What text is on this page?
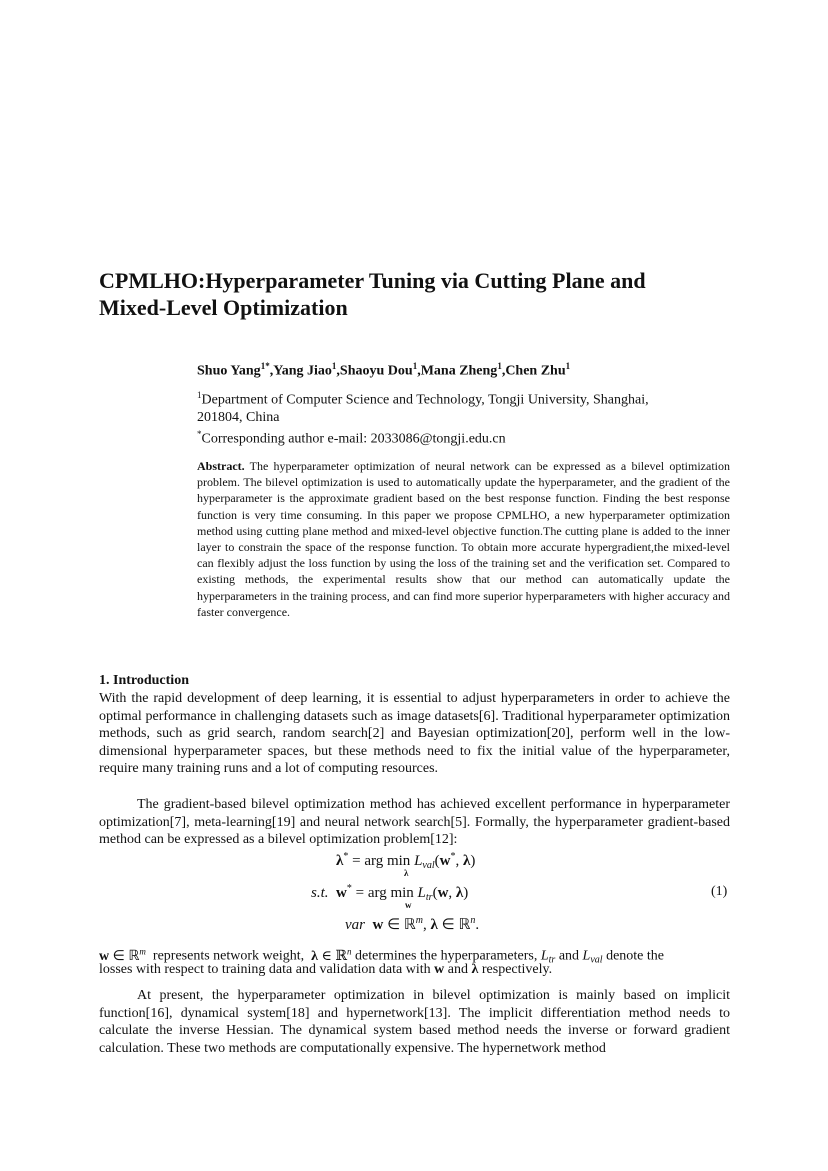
CPMLHO:Hyperparameter Tuning via Cutting Plane and
Mixed-Level Optimization
Shuo Yang$^{1*}$,Yang Jiao$^1$,Shaoyu Dou$^1$,Mana Zheng$^1$,Chen Zhu$^1$
$^1$Department of Computer Science and Technology, Tongji University, Shanghai,
201804, China
*Corresponding author e-mail: 2033086@tongji.edu.cn
Abstract. The hyperparameter optimization of neural network can be expressed as a bilevel optimization problem. The bilevel optimization is used to automatically update the hyperparameter, and the gradient of the hyperparameter is the approximate gradient based on the best response function. Finding the best response function is very time consuming. In this paper we propose CPMLHO, a new hyperparameter optimization method using cutting plane method and mixed-level objective function.The cutting plane is added to the inner layer to constrain the space of the response function. To obtain more accurate hypergradient,the mixed-level can flexibly adjust the loss function by using the loss of the training set and the verification set. Compared to existing methods, the experimental results show that our method can automatically update the hyperparameters in the training process, and can find more superior hyperparameters with higher accuracy and faster convergence.
1. Introduction
With the rapid development of deep learning, it is essential to adjust hyperparameters in order to achieve the optimal performance in challenging datasets such as image datasets[6]. Traditional hyperparameter optimization methods, such as grid search, random search[2] and Bayesian optimization[20], perform well in the low-dimensional hyperparameter spaces, but these methods need to fix the initial value of the hyperparameter, require many training runs and a lot of computing resources.
The gradient-based bilevel optimization method has achieved excellent performance in hyperparameter optimization[7], meta-learning[19] and neural network search[5]. Formally, the hyperparameter gradient-based method can be expressed as a bilevel optimization problem[12]:
λ* = arg $\min L_{val}(w^*$, λ)
λ
s.t. w* = arg $\min L_{tr}(w$, λ)
w
var w ∈ ℝ$^m$, λ ∈ ℝ$^n$.
(1)
w ∈ ℝ$^m$ represents network weight, λ ∈ ℝ$^n$ determines the hyperparameters, $L_{tr}$ and $L_{val}$ denote the
losses with respect to training data and validation data with w and λ respectively.
At present, the hyperparameter optimization in bilevel optimization is mainly based on implicit function[16], dynamical system[18] and hypernetwork[13]. The implicit differentiation method needs to calculate the inverse Hessian. The dynamical system based method needs the inverse or forward gradient calculation. These two methods are computationally expensive. The hypernetwork method
